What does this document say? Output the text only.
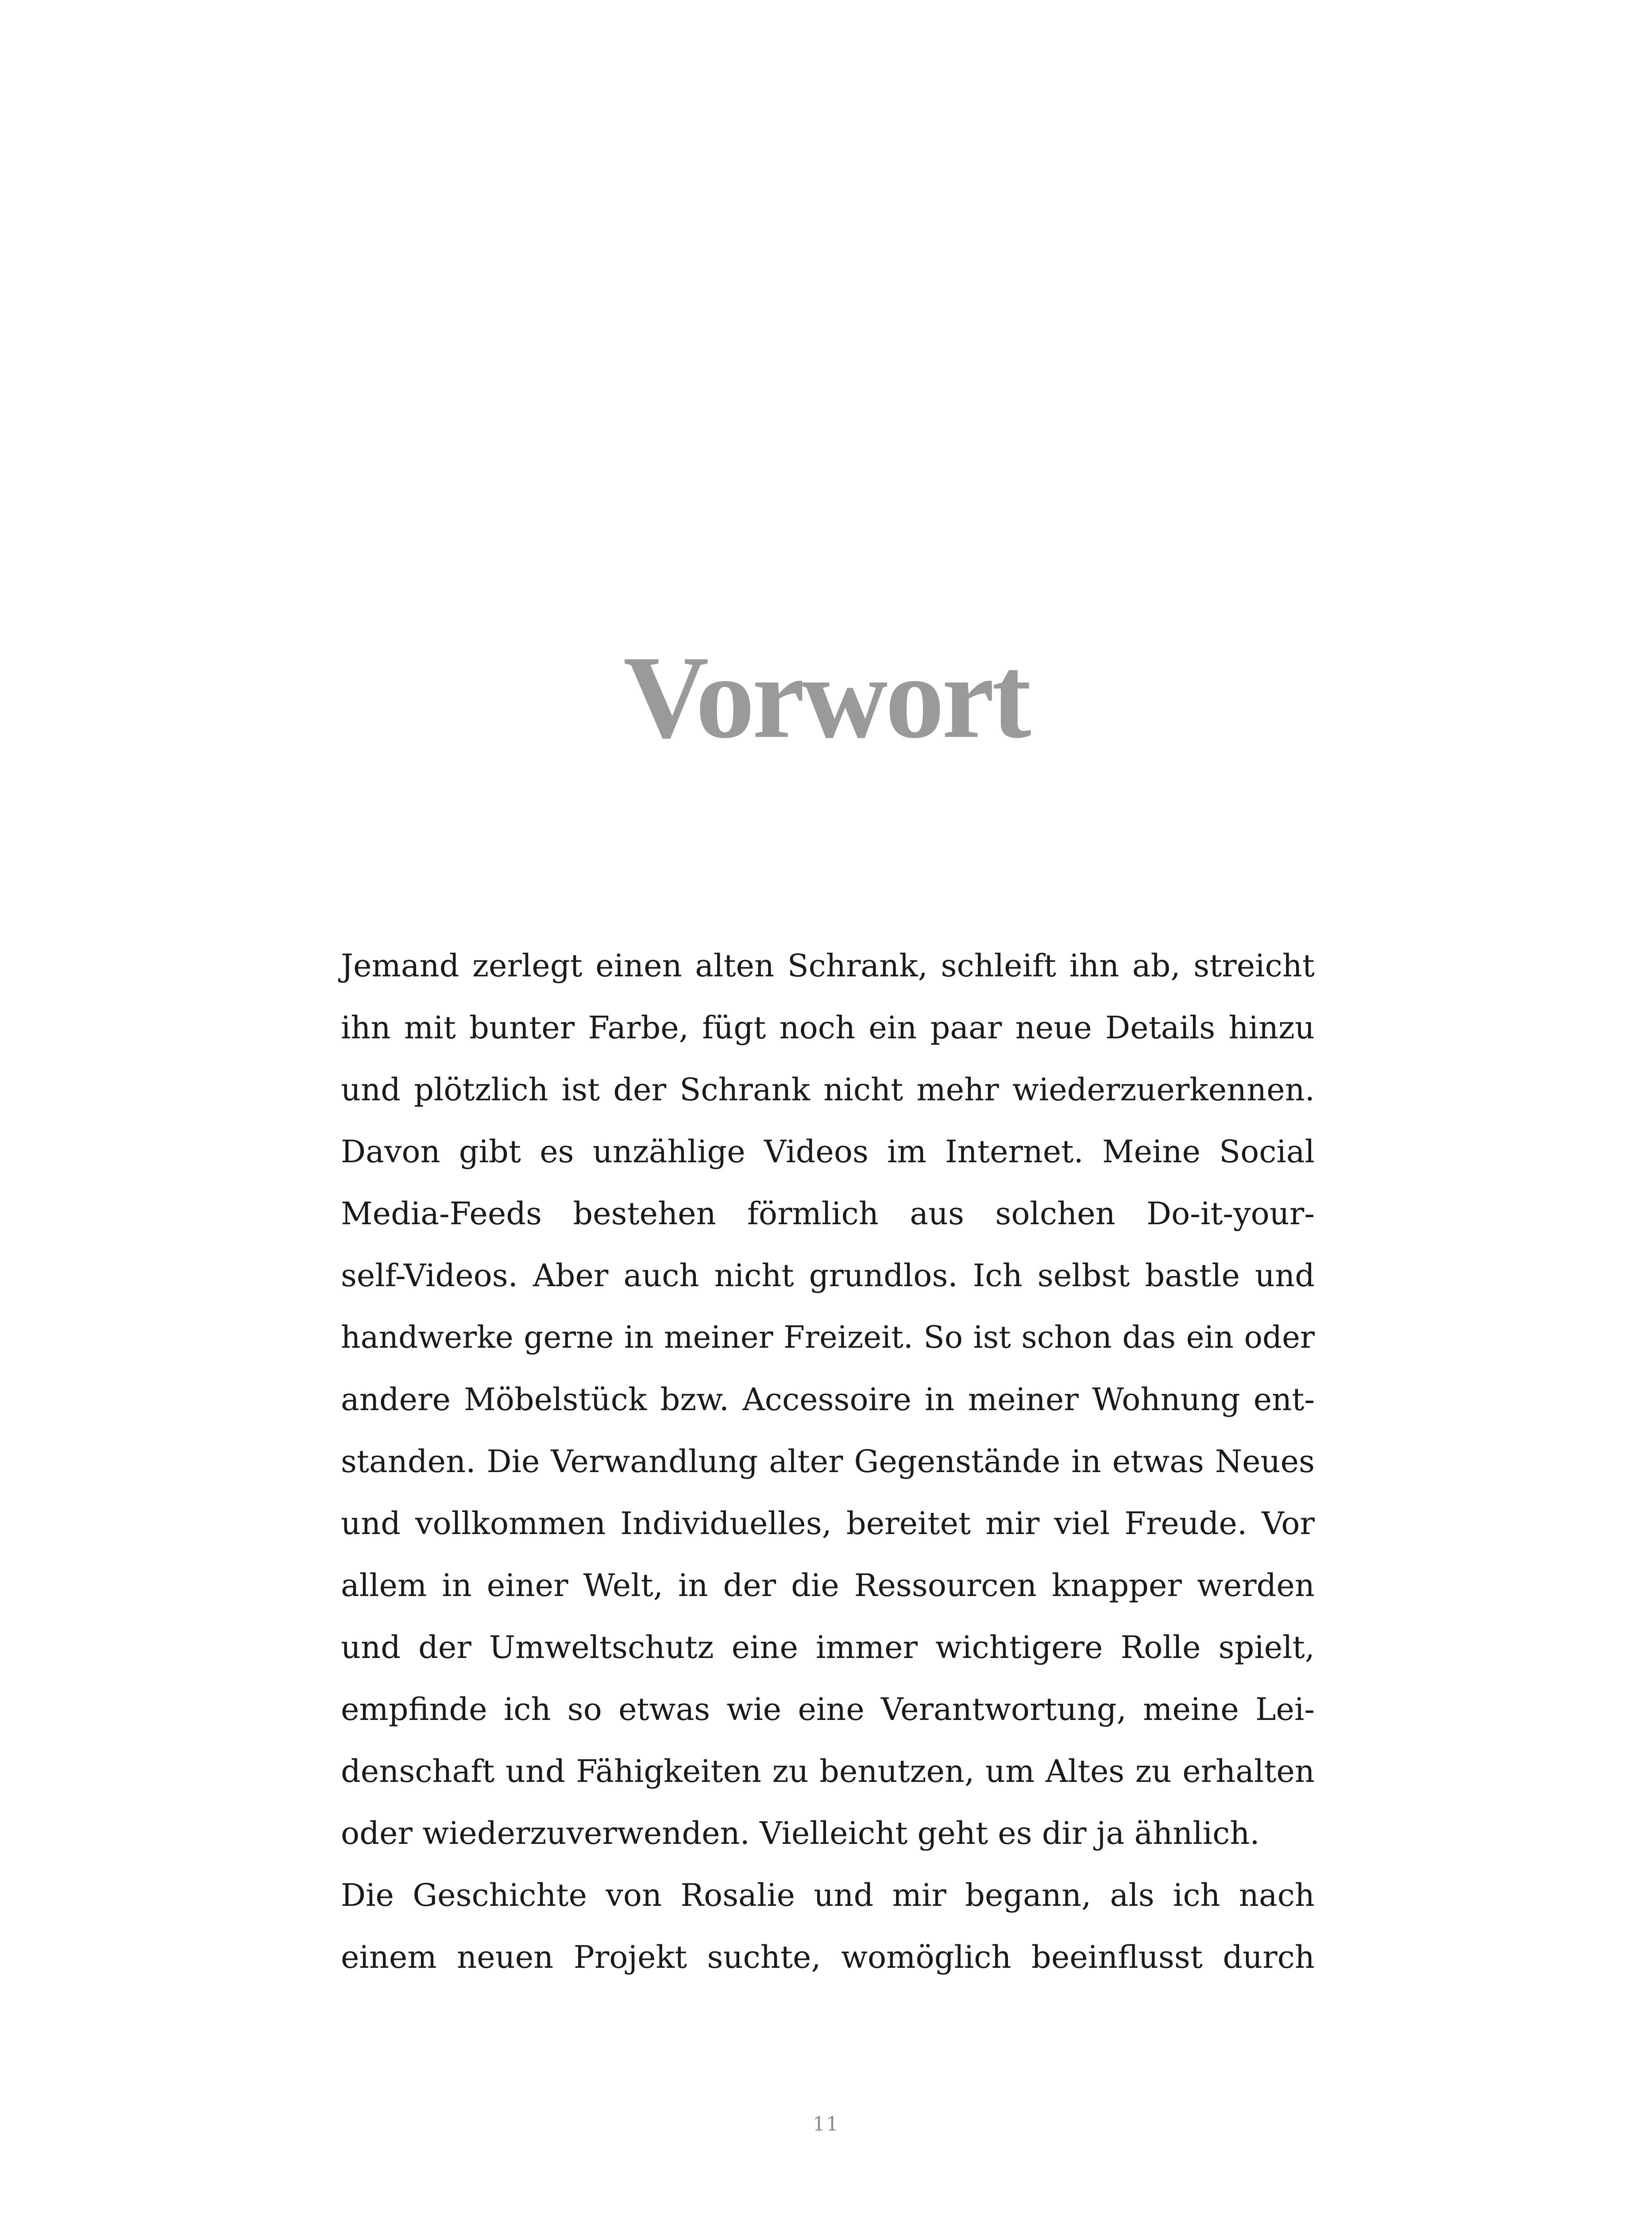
Vorwort
Jemand zerlegt einen alten Schrank, schleift ihn ab, streicht
ihn mit bunter Farbe, fügt noch ein paar neue Details hinzu
und plötzlich ist der Schrank nicht mehr wiederzuerkennen.
Davon gibt es unzählige Videos im Internet. Meine Social
Media-Feeds bestehen förmlich aus solchen Do-it-your-
self-Videos. Aber auch nicht grundlos. Ich selbst bastle und
handwerke gerne in meiner Freizeit. So ist schon das ein oder
andere Möbelstück bzw. Accessoire in meiner Wohnung ent-
standen. Die Verwandlung alter Gegenstände in etwas Neues
und vollkommen Individuelles, bereitet mir viel Freude. Vor
allem in einer Welt, in der die Ressourcen knapper werden
und der Umweltschutz eine immer wichtigere Rolle spielt,
empfinde ich so etwas wie eine Verantwortung, meine Lei-
denschaft und Fähigkeiten zu benutzen, um Altes zu erhalten
oder wiederzuverwenden. Vielleicht geht es dir ja ähnlich.
Die Geschichte von Rosalie und mir begann, als ich nach
einem neuen Projekt suchte, womöglich beeinflusst durch
11
